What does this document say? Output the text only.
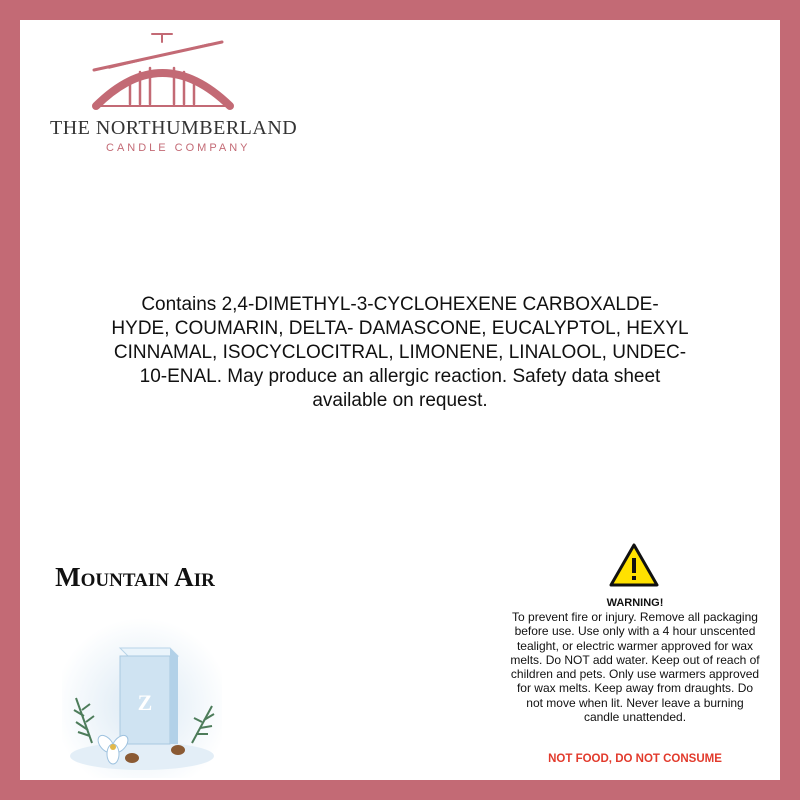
THE NORTHUMBERLAND
CANDLE COMPANY
Contains 2,4-DIMETHYL-3-CYCLOHEXENE CARBOXALDE- HYDE, COUMARIN, DELTA- DAMASCONE, EUCALYPTOL, HEXYL CINNAMAL, ISOCYCLOCITRAL, LIMONENE, LINALOOL, UNDEC- 10-ENAL. May produce an allergic reaction. Safety data sheet available on request.
Mountain Air
Z
WARNING!
To prevent fire or injury. Remove all packaging before use. Use only with a 4 hour unscented tealight, or electric warmer approved for wax melts. Do NOT add water. Keep out of reach of children and pets. Only use warmers approved for wax melts. Keep away from draughts. Do not move when lit. Never leave a burning candle unattended.
NOT FOOD, DO NOT CONSUME
